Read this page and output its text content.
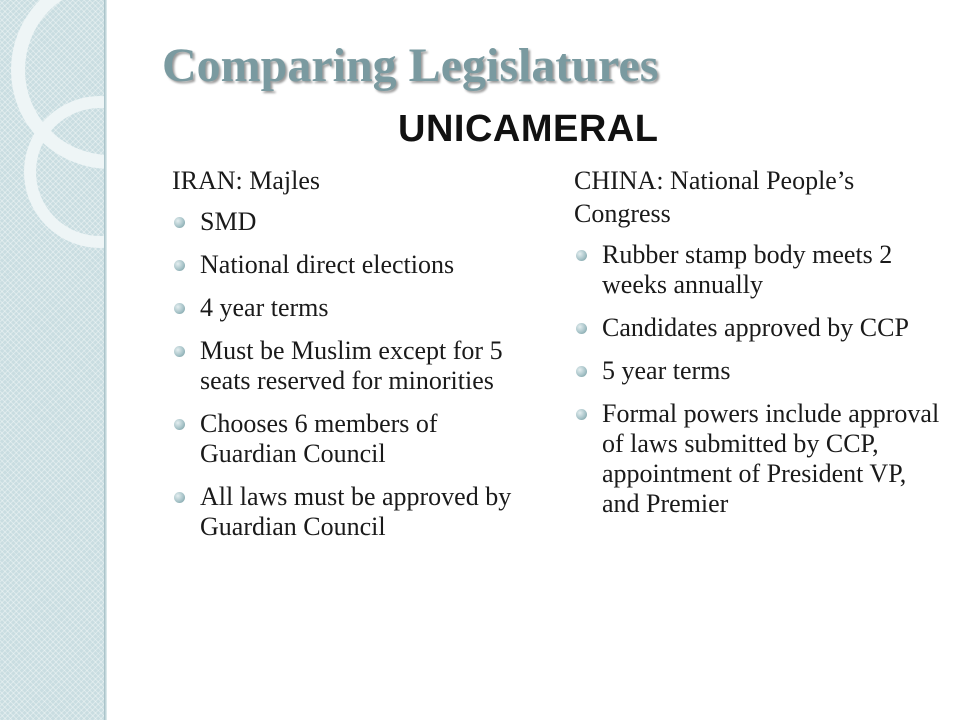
Comparing Legislatures
UNICAMERAL

IRAN: Majles

SMD
National direct elections
4 year terms
Must be Muslim except for 5 seats reserved for minorities
Chooses 6 members of Guardian Council
All laws must be approved by Guardian Council

CHINA: National People’s Congress

Rubber stamp body meets 2 weeks annually
Candidates approved by CCP
5 year terms
Formal powers include approval of laws submitted by CCP, appointment of President VP, and Premier
